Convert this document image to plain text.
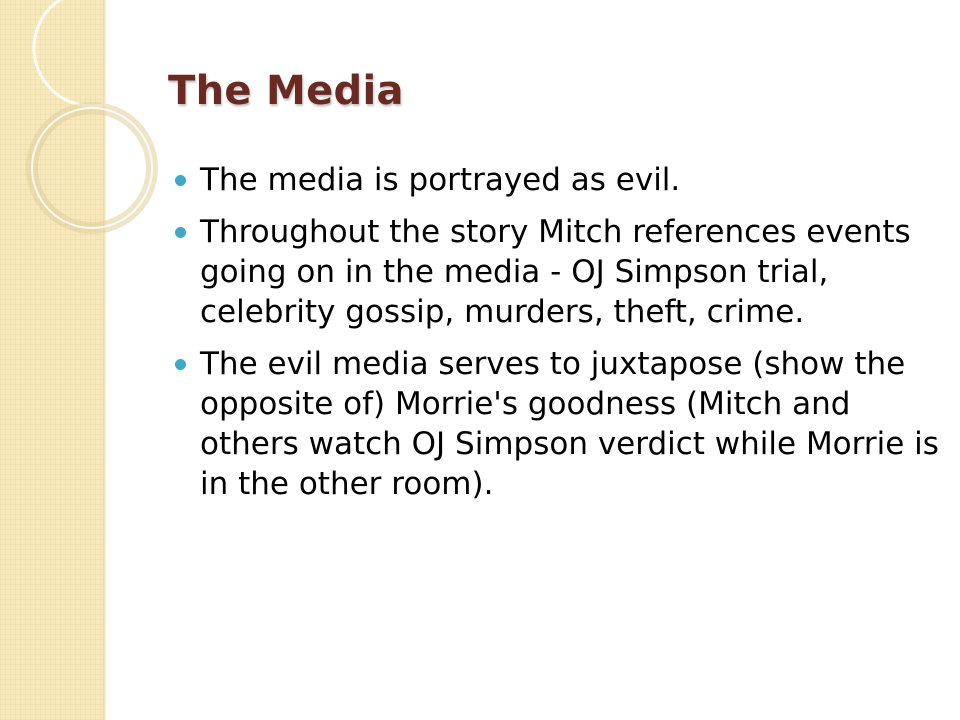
The Media
The media is portrayed as evil.
Throughout the story Mitch references events going on in the media - OJ Simpson trial, celebrity gossip, murders, theft, crime.
The evil media serves to juxtapose (show the opposite of) Morrie's goodness (Mitch and others watch OJ Simpson verdict while Morrie is in the other room).
